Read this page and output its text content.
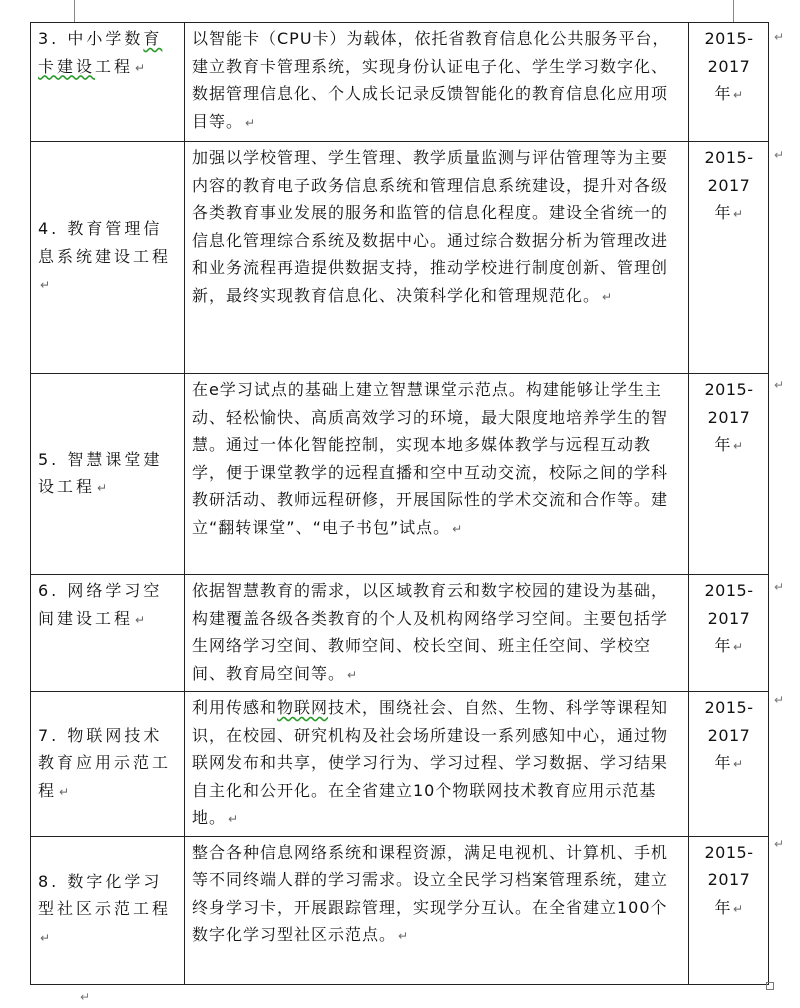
3. 中小学数育卡建设工程 ↵	以智能卡（CPU卡）为载体，依托省教育信息化公共服务平台，建立教育卡管理系统，实现身份认证电子化、学生学习数字化、数据管理信息化、个人成长记录反馈智能化的教育信息化应用项目等。 ↵	2015-
2017
年 ↵

4. 教育管理信息系统建设工程↵	加强以学校管理、学生管理、教学质量监测与评估管理等为主要内容的教育电子政务信息系统和管理信息系统建设，提升对各级各类教育事业发展的服务和监管的信息化程度。建设全省统一的信息化管理综合系统及数据中心。通过综合数据分析为管理改进和业务流程再造提供数据支持，推动学校进行制度创新、管理创新，最终实现教育信息化、决策科学化和管理规范化。 ↵	2015-
2017
年 ↵

5. 智慧课堂建设工程 ↵	在e学习试点的基础上建立智慧课堂示范点。构建能够让学生主动、轻松愉快、高质高效学习的环境，最大限度地培养学生的智慧。通过一体化智能控制，实现本地多媒体教学与远程互动教学，便于课堂教学的远程直播和空中互动交流，校际之间的学科教研活动、教师远程研修，开展国际性的学术交流和合作等。建立“翻转课堂”、“电子书包”试点。 ↵	2015-
2017
年 ↵

6. 网络学习空间建设工程 ↵	依据智慧教育的需求，以区域教育云和数字校园的建设为基础，构建覆盖各级各类教育的个人及机构网络学习空间。主要包括学生网络学习空间、教师空间、校长空间、班主任空间、学校空间、教育局空间等。 ↵	2015-
2017
年 ↵

7. 物联网技术教育应用示范工程 ↵	利用传感和物联网技术，围绕社会、自然、生物、科学等课程知识，在校园、研究机构及社会场所建设一系列感知中心，通过物联网发布和共享，使学习行为、学习过程、学习数据、学习结果自主化和公开化。在全省建立10个物联网技术教育应用示范基地。 ↵	2015-
2017
年 ↵

8. 数字化学习型社区示范工程↵	整合各种信息网络系统和课程资源，满足电视机、计算机、手机等不同终端人群的学习需求。设立全民学习档案管理系统，建立终身学习卡，开展跟踪管理，实现学分互认。在全省建立100个数字化学习型社区示范点。 ↵	2015-
2017
年 ↵
↵
↵
↵
↵
↵
↵
↵
